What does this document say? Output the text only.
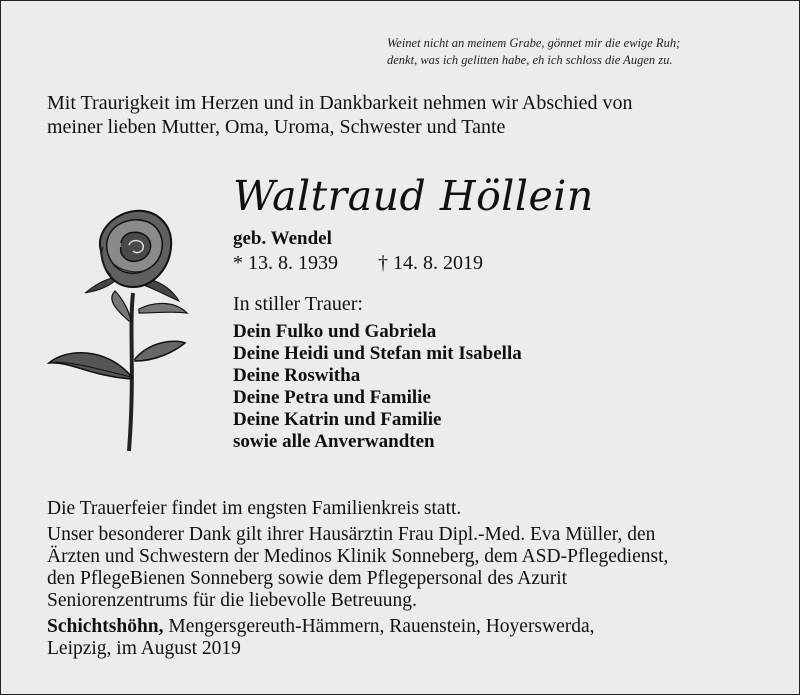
Weinet nicht an meinem Grabe, gönnet mir die ewige Ruh;
denkt, was ich gelitten habe, eh ich schloss die Augen zu.
Mit Traurigkeit im Herzen und in Dankbarkeit nehmen wir Abschied von
meiner lieben Mutter, Oma, Uroma, Schwester und Tante
Waltraud Höllein
geb. Wendel
* 13. 8. 1939 † 14. 8. 2019
In stiller Trauer:
Dein Fulko und Gabriela
Deine Heidi und Stefan mit Isabella
Deine Roswitha
Deine Petra und Familie
Deine Katrin und Familie
sowie alle Anverwandten

Die Trauerfeier findet im engsten Familienkreis statt.

Unser besonderer Dank gilt ihrer Hausärztin Frau Dipl.-Med. Eva Müller, den

Ärzten und Schwestern der Medinos Klinik Sonneberg, dem ASD-Pflegedienst,

den PflegeBienen Sonneberg sowie dem Pflegepersonal des Azurit

Seniorenzentrums für die liebevolle Betreuung.

Schichtshöhn, Mengersgereuth-Hämmern, Rauenstein, Hoyerswerda,

Leipzig, im August 2019
